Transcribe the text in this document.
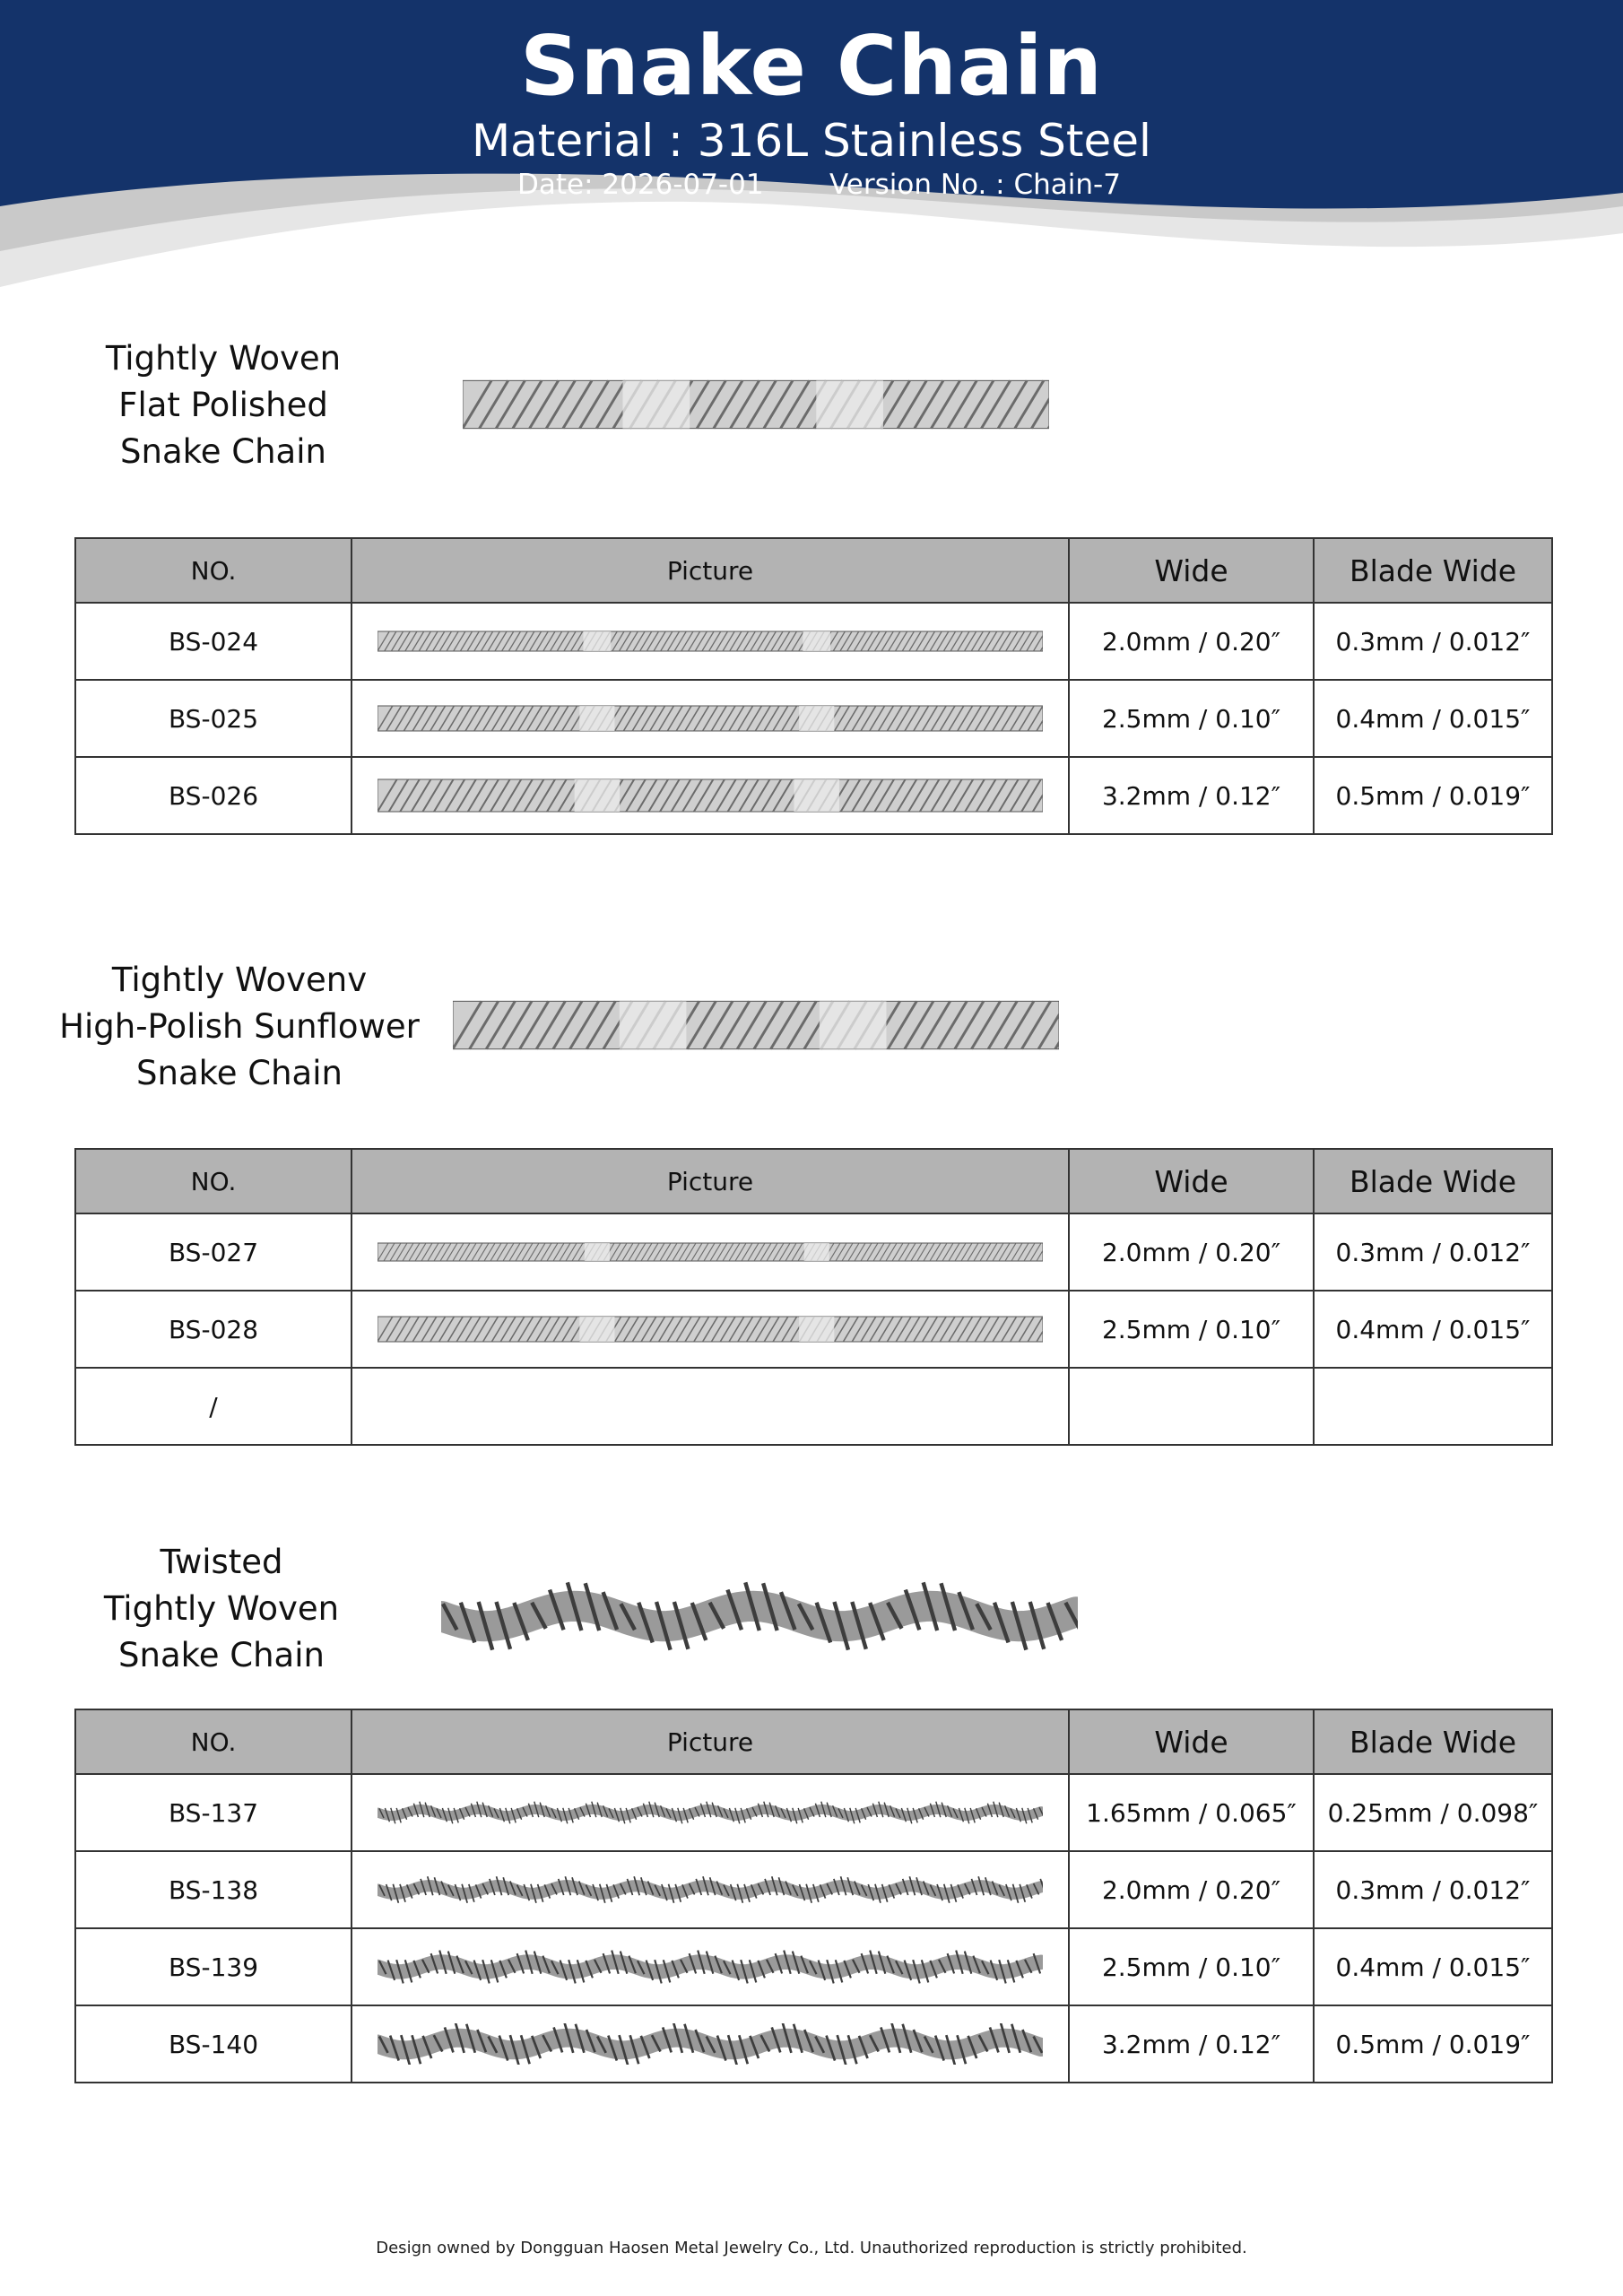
Snake Chain
Material : 316L Stainless Steel
Date: 2026-07-01 Version No. : Chain-7
Tightly Woven
Flat Polished
Snake Chain
NO.	Picture	Wide	Blade Wide
BS-024		2.0mm / 0.20″	0.3mm / 0.012″
BS-025		2.5mm / 0.10″	0.4mm / 0.015″
BS-026		3.2mm / 0.12″	0.5mm / 0.019″
Tightly Wovenv
High-Polish Sunflower
Snake Chain
NO.	Picture	Wide	Blade Wide
BS-027		2.0mm / 0.20″	0.3mm / 0.012″
BS-028		2.5mm / 0.10″	0.4mm / 0.015″
/			
Twisted
Tightly Woven
Snake Chain
NO.	Picture	Wide	Blade Wide
BS-137		1.65mm / 0.065″	0.25mm / 0.098″
BS-138		2.0mm / 0.20″	0.3mm / 0.012″
BS-139		2.5mm / 0.10″	0.4mm / 0.015″
BS-140		3.2mm / 0.12″	0.5mm / 0.019″
Design owned by Dongguan Haosen Metal Jewelry Co., Ltd. Unauthorized reproduction is strictly prohibited.
